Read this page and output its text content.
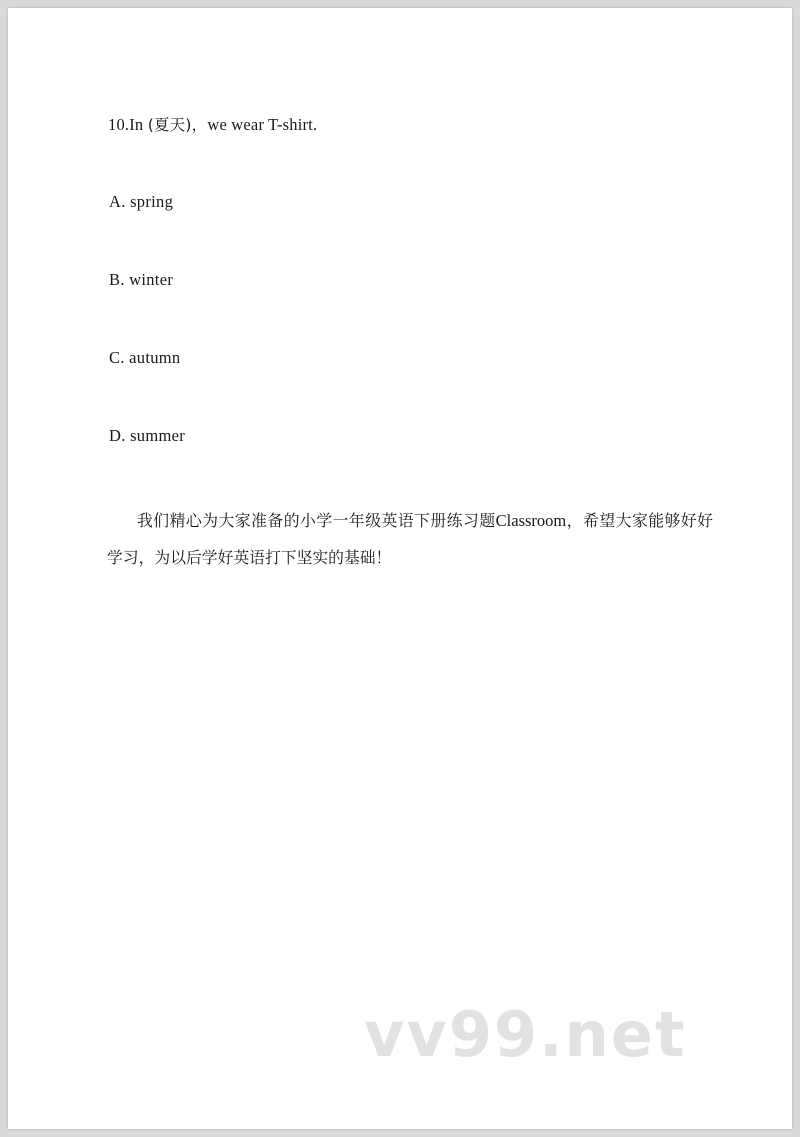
10.In (夏天)，we wear T-shirt.
A. spring
B. winter
C. autumn
D. summer
我们精心为大家准备的小学一年级英语下册练习题Classroom，希望大家能够好好学习，为以后学好英语打下坚实的基础！
vv99.net
